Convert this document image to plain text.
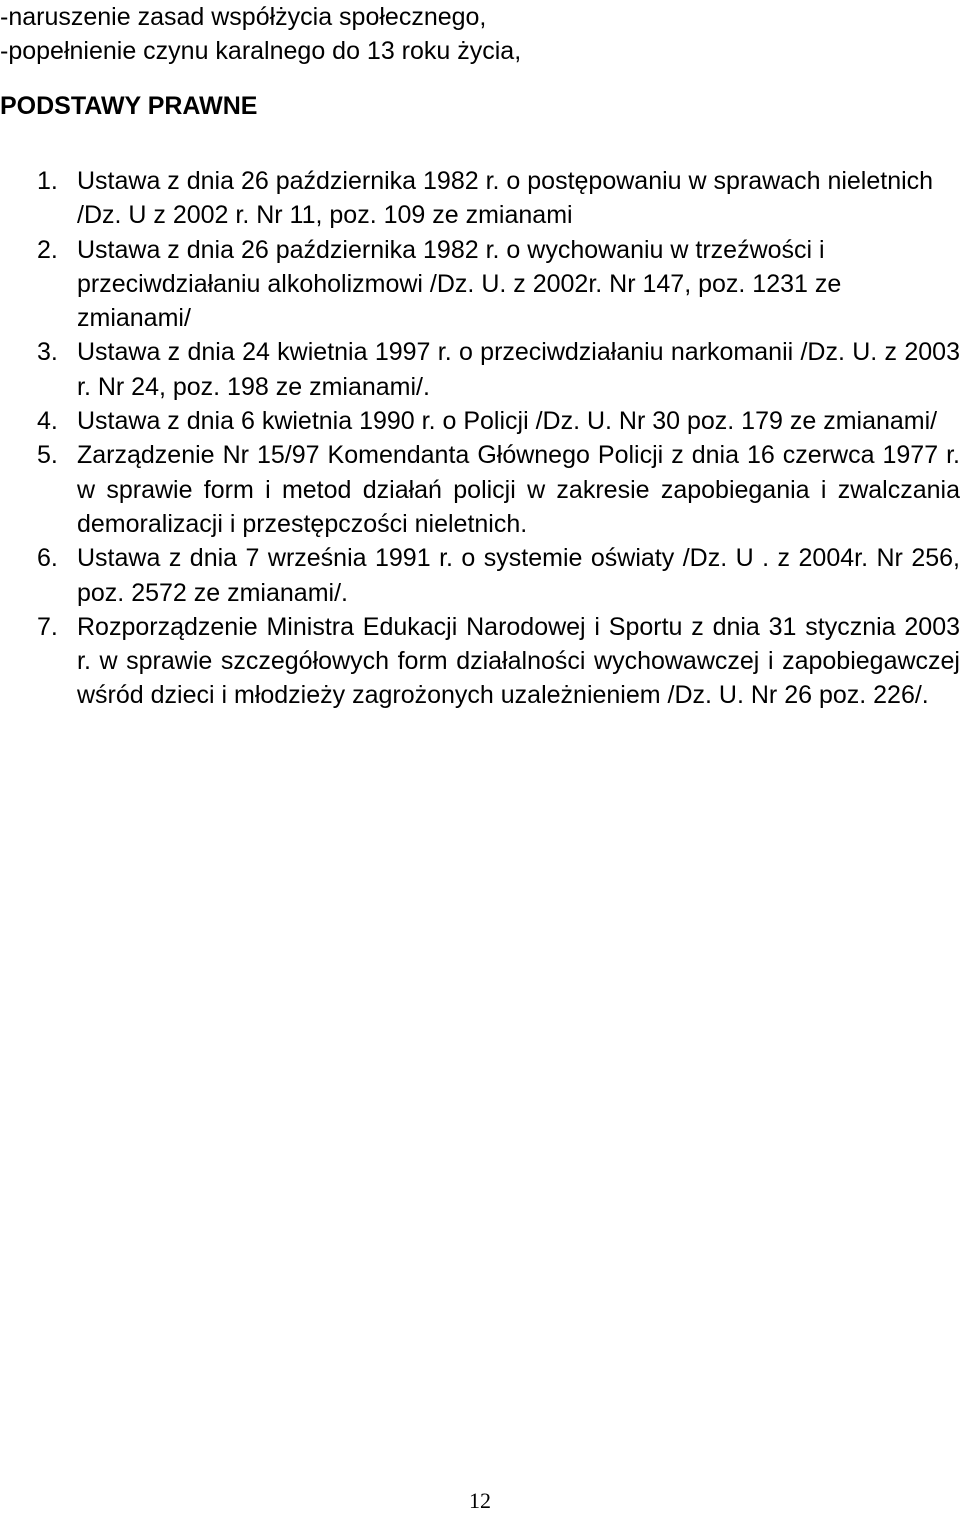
-naruszenie zasad współżycia społecznego,
-popełnienie czynu karalnego do 13 roku życia,
PODSTAWY PRAWNE
1. Ustawa z dnia 26 października 1982 r. o postępowaniu w sprawach nieletnich /Dz. U z 2002 r. Nr 11, poz. 109 ze zmianami
2. Ustawa z dnia 26 października 1982 r. o wychowaniu w trzeźwości i przeciwdziałaniu alkoholizmowi /Dz. U. z 2002r. Nr 147, poz. 1231 ze zmianami/
3. Ustawa z dnia 24 kwietnia 1997 r. o przeciwdziałaniu narkomanii /Dz. U. z 2003 r. Nr 24, poz. 198 ze zmianami/.
4. Ustawa z dnia 6 kwietnia 1990 r. o Policji /Dz. U. Nr 30 poz. 179 ze zmianami/
5. Zarządzenie Nr 15/97 Komendanta Głównego Policji z dnia 16 czerwca 1977 r. w sprawie form i metod działań policji w zakresie zapobiegania i zwalczania demoralizacji i przestępczości nieletnich.
6. Ustawa z dnia 7 września 1991 r. o systemie oświaty /Dz. U . z 2004r. Nr 256, poz. 2572 ze zmianami/.
7. Rozporządzenie Ministra Edukacji Narodowej i Sportu z dnia 31 stycznia 2003 r. w sprawie szczegółowych form działalności wychowawczej i zapobiegawczej wśród dzieci i młodzieży zagrożonych uzależnieniem /Dz. U. Nr 26 poz. 226/.
12
